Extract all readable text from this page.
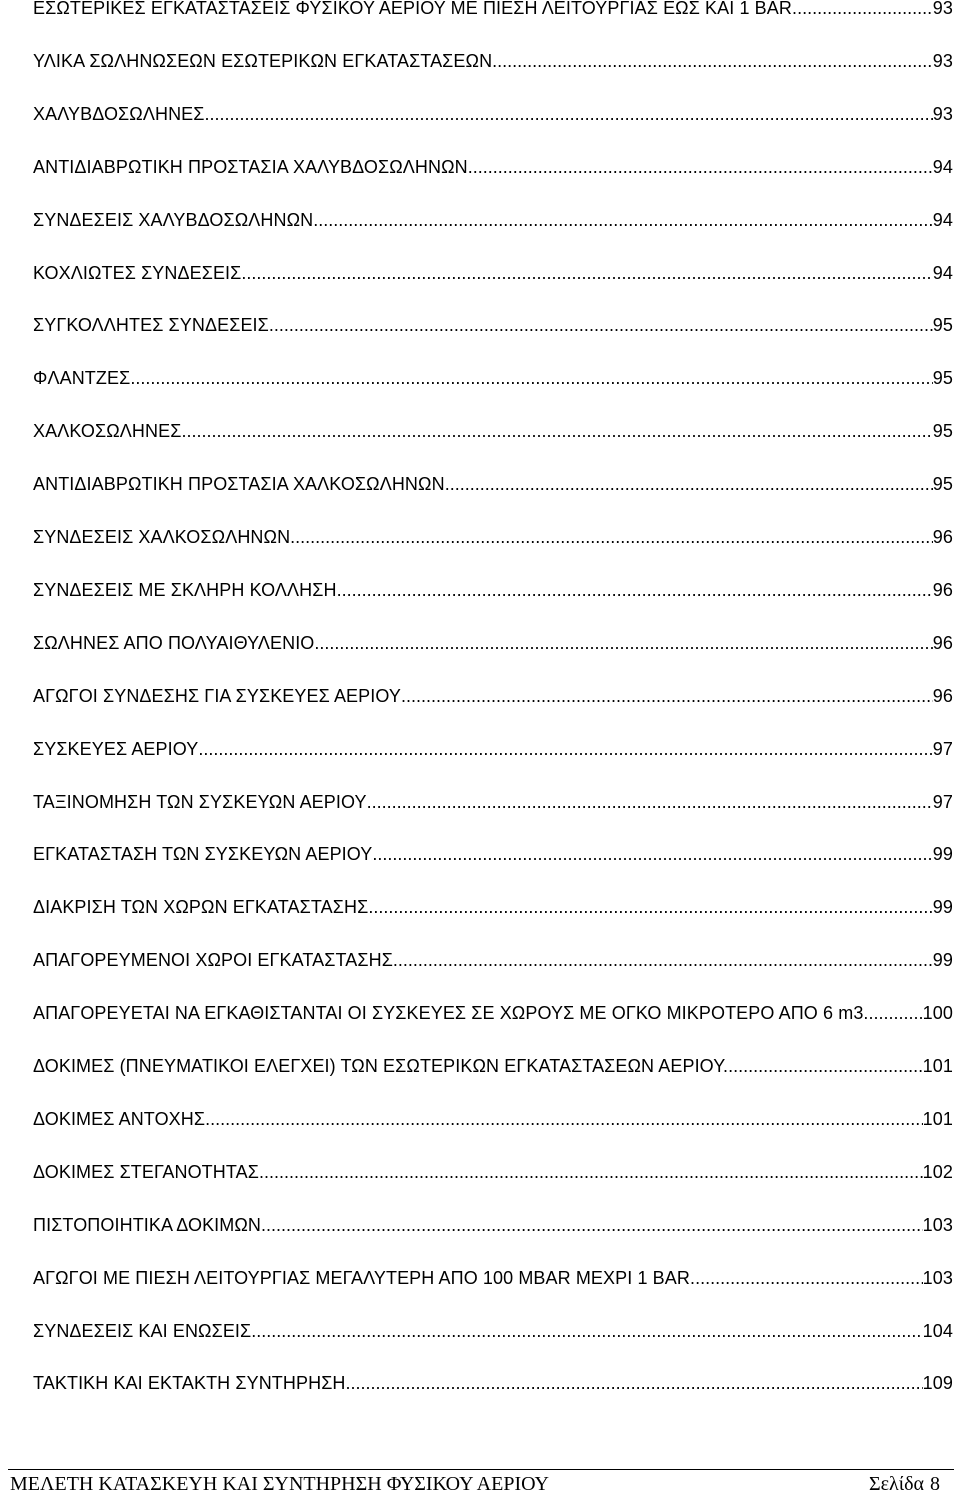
ΕΣΩΤΕΡΙΚΕΣ ΕΓΚΑΤΑΣΤΑΣΕΙΣ ΦΥΣΙΚΟΥ ΑΕΡΙΟΥ ΜΕ ΠΙΕΣΗ ΛΕΙΤΟΥΡΓΙΑΣ ΕΩΣ ΚΑΙ 1 BAR. .....	93
ΥΛΙΚΑ ΣΩΛΗΝΩΣΕΩΝ ΕΣΩΤΕΡΙΚΩΝ ΕΓΚΑΤΑΣΤΑΣΕΩΝ .....	93
ΧΑΛΥΒΔΟΣΩΛΗΝΕΣ .....	93
ΑΝΤΙΔΙΑΒΡΩΤΙΚΗ ΠΡΟΣΤΑΣΙΑ ΧΑΛΥΒΔΟΣΩΛΗΝΩΝ .....	94
ΣΥΝΔΕΣΕΙΣ ΧΑΛΥΒΔΟΣΩΛΗΝΩΝ .....	94
ΚΟΧΛΙΩΤΕΣ ΣΥΝΔΕΣΕΙΣ .....	94
ΣΥΓΚΟΛΛΗΤΕΣ ΣΥΝΔΕΣΕΙΣ .....	95
ΦΛΑΝΤΖΕΣ .....	95
ΧΑΛΚΟΣΩΛΗΝΕΣ .....	95
ΑΝΤΙΔΙΑΒΡΩΤΙΚΗ ΠΡΟΣΤΑΣΙΑ ΧΑΛΚΟΣΩΛΗΝΩΝ .....	95
ΣΥΝΔΕΣΕΙΣ ΧΑΛΚΟΣΩΛΗΝΩΝ .....	96
ΣΥΝΔΕΣΕΙΣ ΜΕ ΣΚΛΗΡΗ ΚΟΛΛΗΣΗ .....	96
ΣΩΛΗΝΕΣ ΑΠΟ ΠΟΛΥΑΙΘΥΛΕΝΙΟ .....	96
ΑΓΩΓΟΙ ΣΥΝΔΕΣΗΣ ΓΙΑ ΣΥΣΚΕΥΕΣ ΑΕΡΙΟΥ .....	96
ΣΥΣΚΕΥΕΣ ΑΕΡΙΟΥ .....	97
ΤΑΞΙΝΟΜΗΣΗ ΤΩΝ ΣΥΣΚΕΥΩΝ ΑΕΡΙΟΥ .....	97
ΕΓΚΑΤΑΣΤΑΣΗ ΤΩΝ ΣΥΣΚΕΥΩΝ ΑΕΡΙΟΥ .....	99
ΔΙΑΚΡΙΣΗ ΤΩΝ ΧΩΡΩΝ ΕΓΚΑΤΑΣΤΑΣΗΣ .....	99
ΑΠΑΓΟΡΕΥΜΕΝΟΙ ΧΩΡΟΙ ΕΓΚΑΤΑΣΤΑΣΗΣ .....	99
ΑΠΑΓΟΡΕΥΕΤΑΙ ΝΑ ΕΓΚΑΘΙΣΤΑΝΤΑΙ ΟΙ ΣΥΣΚΕΥΕΣ ΣΕ ΧΩΡΟΥΣ ΜΕ ΟΓΚΟ ΜΙΚΡΟΤΕΡΟ ΑΠΟ 6 m3. .....	100
ΔΟΚΙΜΕΣ (ΠΝΕΥΜΑΤΙΚΟΙ ΕΛΕΓΧΕΙ) ΤΩΝ ΕΣΩΤΕΡΙΚΩΝ ΕΓΚΑΤΑΣΤΑΣΕΩΝ ΑΕΡΙΟΥ. .....	101
ΔΟΚΙΜΕΣ ΑΝΤΟΧΗΣ .....	101
ΔΟΚΙΜΕΣ ΣΤΕΓΑΝΟΤΗΤΑΣ .....	102
ΠΙΣΤΟΠΟΙΗΤΙΚΑ ΔΟΚΙΜΩΝ .....	103
ΑΓΩΓΟΙ ΜΕ ΠΙΕΣΗ ΛΕΙΤΟΥΡΓΙΑΣ ΜΕΓΑΛΥΤΕΡΗ ΑΠΟ 100 MBAR ΜΕΧΡΙ 1 BAR. .....	103
ΣΥΝΔΕΣΕΙΣ ΚΑΙ ΕΝΩΣΕΙΣ .....	104
ΤΑΚΤΙΚΗ ΚΑΙ ΕΚΤΑΚΤΗ ΣΥΝΤΗΡΗΣΗ .....	109
ΜΕΛΕΤΗ ΚΑΤΑΣΚΕΥΗ ΚΑΙ ΣΥΝΤΗΡΗΣΗ ΦΥΣΙΚΟΥ ΑΕΡΙΟΥ	Σελίδα 8
